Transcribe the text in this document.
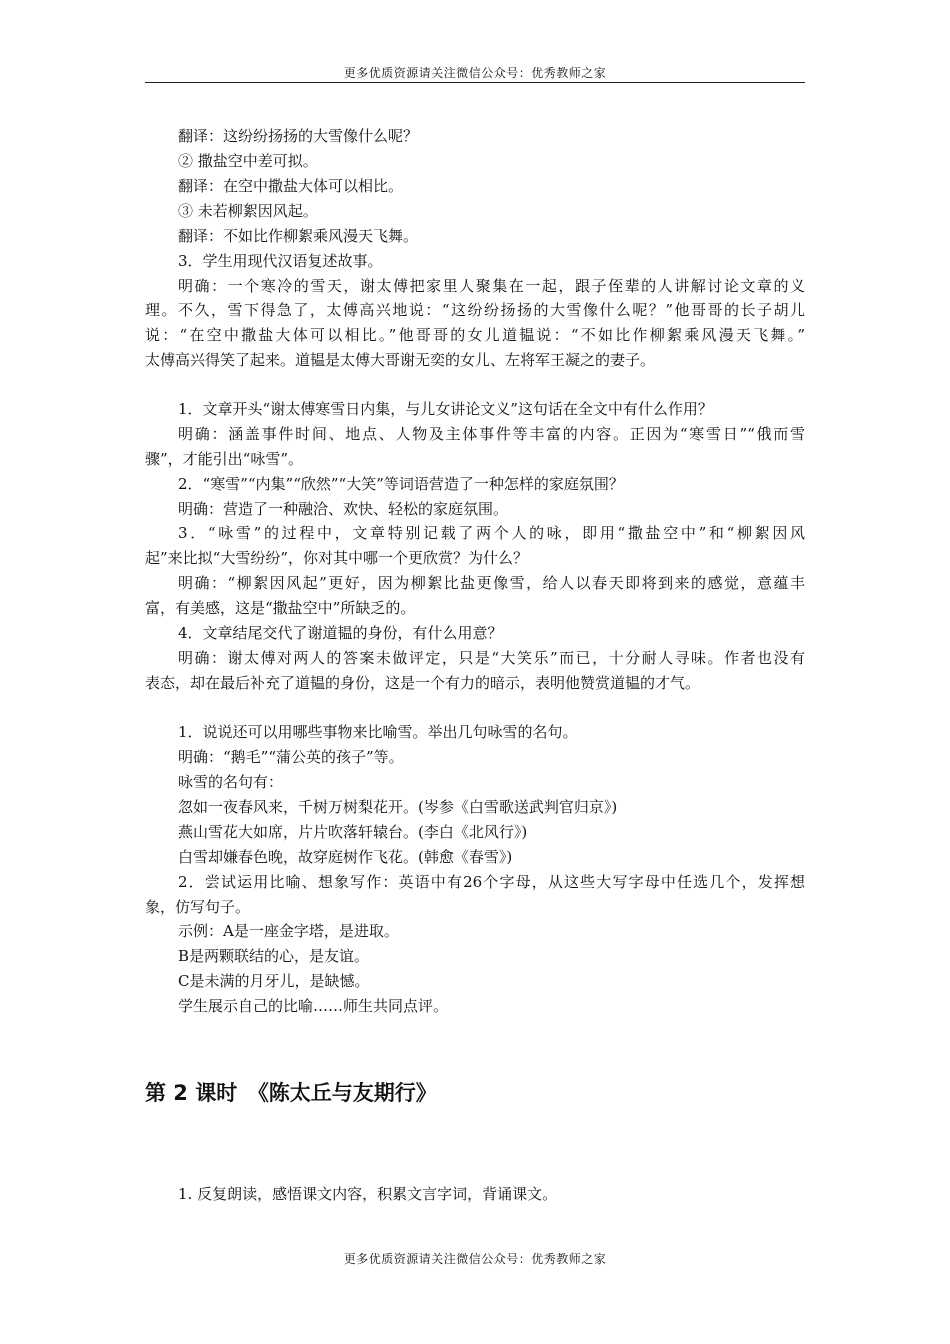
更多优质资源请关注微信公众号：优秀教师之家
翻译：这纷纷扬扬的大雪像什么呢？
② 撒盐空中差可拟。
翻译：在空中撒盐大体可以相比。
③ 未若柳絮因风起。
翻译：不如比作柳絮乘风漫天飞舞。
3．学生用现代汉语复述故事。
明确：一个寒冷的雪天，谢太傅把家里人聚集在一起，跟子侄辈的人讲解讨论文章的义
理。不久，雪下得急了，太傅高兴地说：“这纷纷扬扬的大雪像什么呢？”他哥哥的长子胡儿
说：“在空中撒盐大体可以相比。”他哥哥的女儿道韫说：“不如比作柳絮乘风漫天飞舞。”
太傅高兴得笑了起来。道韫是太傅大哥谢无奕的女儿、左将军王凝之的妻子。
1．文章开头“谢太傅寒雪日内集，与儿女讲论文义”这句话在全文中有什么作用？
明确：涵盖事件时间、地点、人物及主体事件等丰富的内容。正因为“寒雪日”“俄而雪
骤”，才能引出“咏雪”。
2．“寒雪”“内集”“欣然”“大笑”等词语营造了一种怎样的家庭氛围？
明确：营造了一种融洽、欢快、轻松的家庭氛围。
3．“咏雪”的过程中，文章特别记载了两个人的咏，即用“撒盐空中”和“柳絮因风
起”来比拟“大雪纷纷”，你对其中哪一个更欣赏？为什么？
明确：“柳絮因风起”更好，因为柳絮比盐更像雪，给人以春天即将到来的感觉，意蕴丰
富，有美感，这是“撒盐空中”所缺乏的。
4．文章结尾交代了谢道韫的身份，有什么用意？
明确：谢太傅对两人的答案未做评定，只是“大笑乐”而已，十分耐人寻味。作者也没有
表态，却在最后补充了道韫的身份，这是一个有力的暗示，表明他赞赏道韫的才气。
1．说说还可以用哪些事物来比喻雪。举出几句咏雪的名句。
明确：“鹅毛”“蒲公英的孩子”等。
咏雪的名句有：
忽如一夜春风来，千树万树梨花开。(岑参《白雪歌送武判官归京》)
燕山雪花大如席，片片吹落轩辕台。(李白《北风行》)
白雪却嫌春色晚，故穿庭树作飞花。(韩愈《春雪》)
2．尝试运用比喻、想象写作：英语中有26个字母，从这些大写字母中任选几个，发挥想
象，仿写句子。
示例：A是一座金字塔，是进取。
B是两颗联结的心，是友谊。
C是未满的月牙儿，是缺憾。
学生展示自己的比喻……师生共同点评。
第 2 课时　《陈太丘与友期行》
1. 反复朗读，感悟课文内容，积累文言字词，背诵课文。
更多优质资源请关注微信公众号：优秀教师之家
